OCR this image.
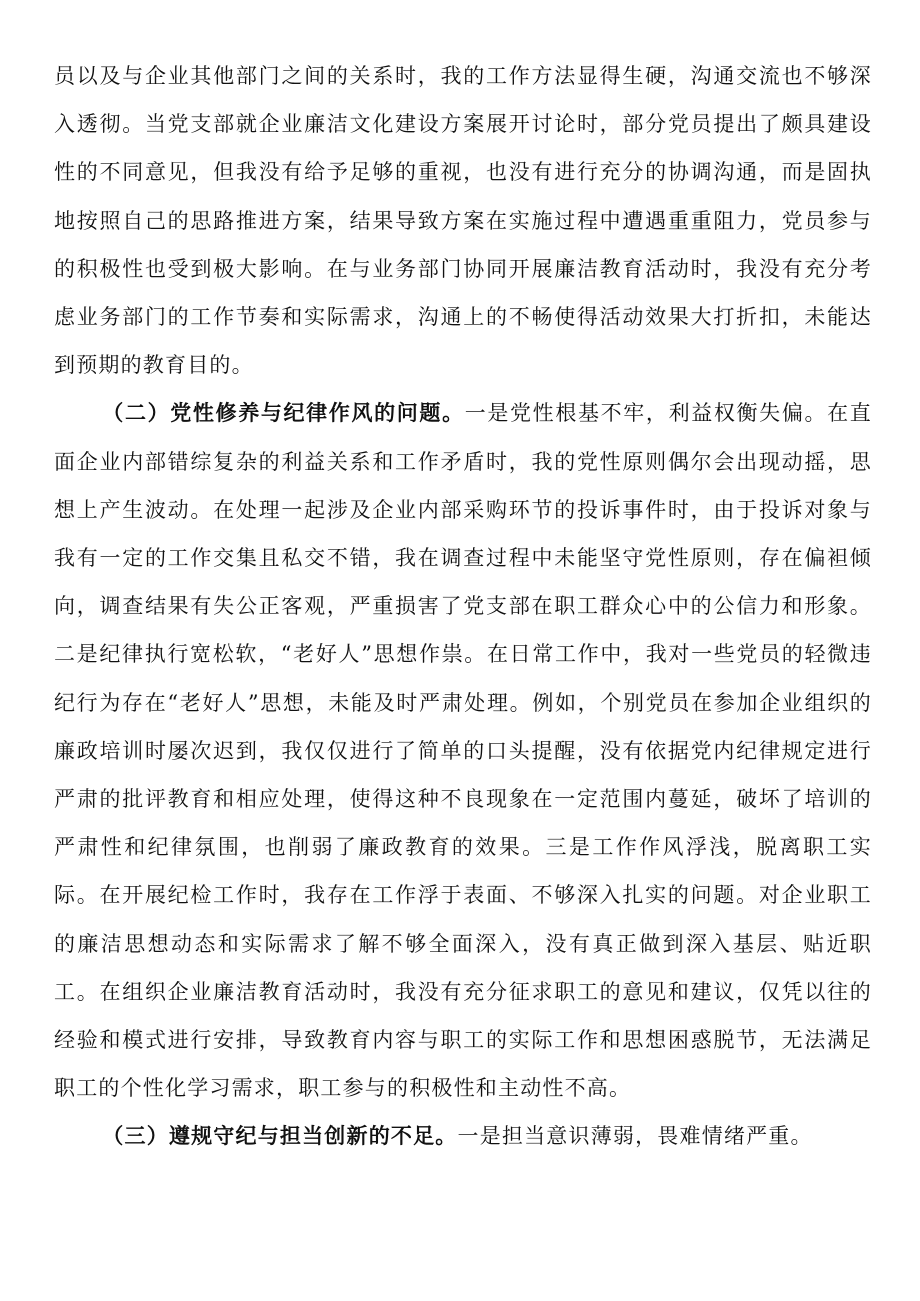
员以及与企业其他部门之间的关系时，我的工作方法显得生硬，沟通交流也不够深入透彻。当党支部就企业廉洁文化建设方案展开讨论时，部分党员提出了颇具建设性的不同意见，但我没有给予足够的重视，也没有进行充分的协调沟通，而是固执地按照自己的思路推进方案，结果导致方案在实施过程中遭遇重重阻力，党员参与的积极性也受到极大影响。在与业务部门协同开展廉洁教育活动时，我没有充分考虑业务部门的工作节奏和实际需求，沟通上的不畅使得活动效果大打折扣，未能达到预期的教育目的。

（二）党性修养与纪律作风的问题。一是党性根基不牢，利益权衡失偏。在直面企业内部错综复杂的利益关系和工作矛盾时，我的党性原则偶尔会出现动摇，思想上产生波动。在处理一起涉及企业内部采购环节的投诉事件时，由于投诉对象与我有一定的工作交集且私交不错，我在调查过程中未能坚守党性原则，存在偏袒倾向，调查结果有失公正客观，严重损害了党支部在职工群众心中的公信力和形象。二是纪律执行宽松软，“老好人”思想作祟。在日常工作中，我对一些党员的轻微违纪行为存在“老好人”思想，未能及时严肃处理。例如，个别党员在参加企业组织的廉政培训时屡次迟到，我仅仅进行了简单的口头提醒，没有依据党内纪律规定进行严肃的批评教育和相应处理，使得这种不良现象在一定范围内蔓延，破坏了培训的严肃性和纪律氛围，也削弱了廉政教育的效果。三是工作作风浮浅，脱离职工实际。在开展纪检工作时，我存在工作浮于表面、不够深入扎实的问题。对企业职工的廉洁思想动态和实际需求了解不够全面深入，没有真正做到深入基层、贴近职工。在组织企业廉洁教育活动时，我没有充分征求职工的意见和建议，仅凭以往的经验和模式进行安排，导致教育内容与职工的实际工作和思想困惑脱节，无法满足职工的个性化学习需求，职工参与的积极性和主动性不高。

（三）遵规守纪与担当创新的不足。一是担当意识薄弱，畏难情绪严重。
